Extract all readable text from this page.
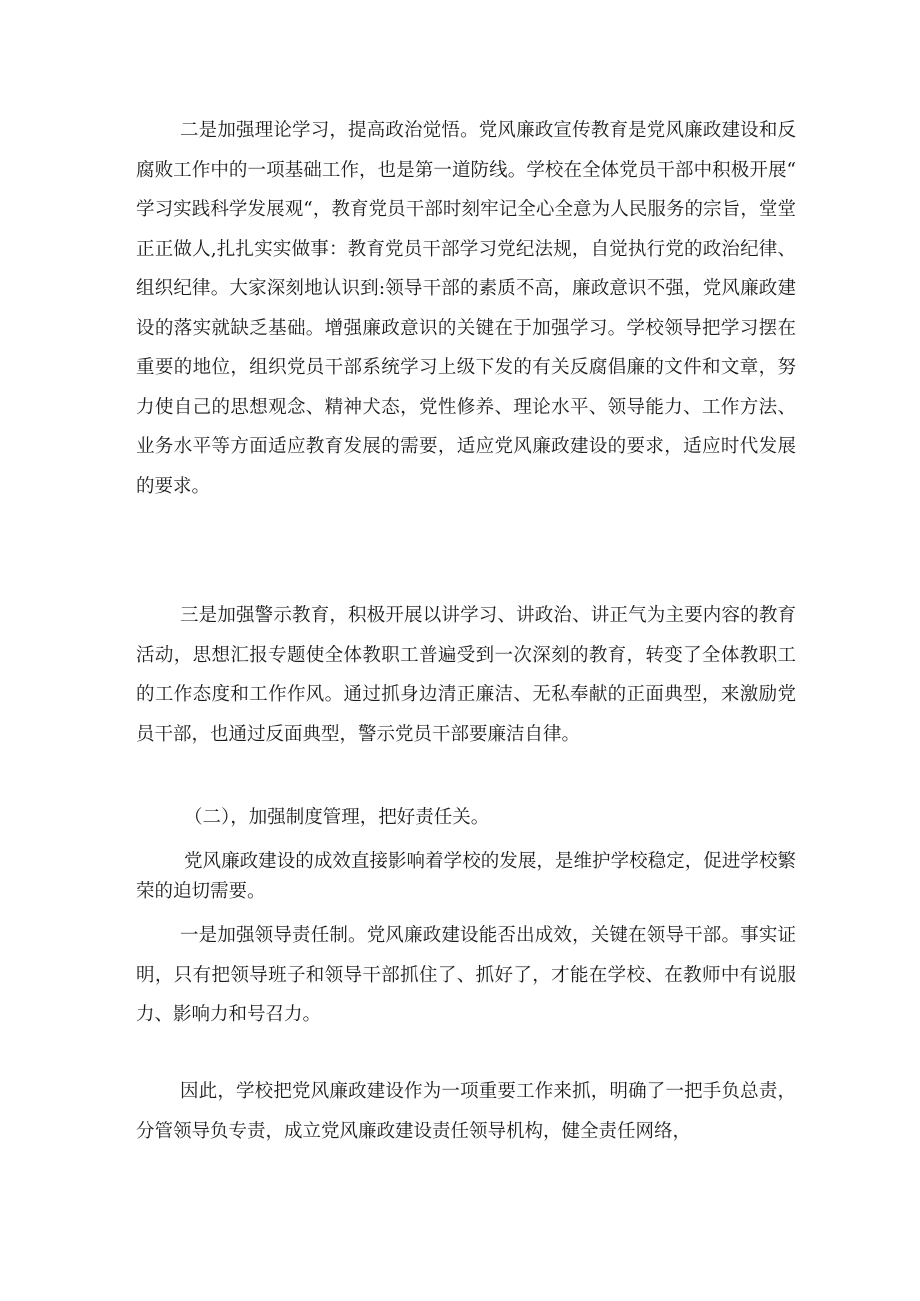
二是加强理论学习，提高政治觉悟。党风廉政宣传教育是党风廉政建设和反腐败工作中的一项基础工作，也是第一道防线。学校在全体党员干部中积极开展“学习实践科学发展观“，教育党员干部时刻牢记全心全意为人民服务的宗旨，堂堂正正做人,扎扎实实做事：教育党员干部学习党纪法规，自觉执行党的政治纪律、组织纪律。大家深刻地认识到:领导干部的素质不高，廉政意识不强，党风廉政建设的落实就缺乏基础。增强廉政意识的关键在于加强学习。学校领导把学习摆在重要的地位，组织党员干部系统学习上级下发的有关反腐倡廉的文件和文章，努力使自己的思想观念、精神犬态，党性修养、理论水平、领导能力、工作方法、业务水平等方面适应教育发展的需要，适应党风廉政建设的要求，适应时代发展的要求。

三是加强警示教育，积极开展以讲学习、讲政治、讲正气为主要内容的教育活动，思想汇报专题使全体教职工普遍受到一次深刻的教育，转变了全体教职工的工作态度和工作作风。通过抓身边清正廉洁、无私奉献的正面典型，来激励党员干部，也通过反面典型，警示党员干部要廉洁自律。

（二），加强制度管理，把好责任关。

党风廉政建设的成效直接影响着学校的发展，是维护学校稳定，促进学校繁荣的迫切需要。

一是加强领导责任制。党风廉政建设能否出成效，关键在领导干部。事实证明，只有把领导班子和领导干部抓住了、抓好了，才能在学校、在教师中有说服力、影响力和号召力。

因此，学校把党风廉政建设作为一项重要工作来抓，明确了一把手负总责，分管领导负专责，成立党风廉政建设责任领导机构，健全责任网络，
